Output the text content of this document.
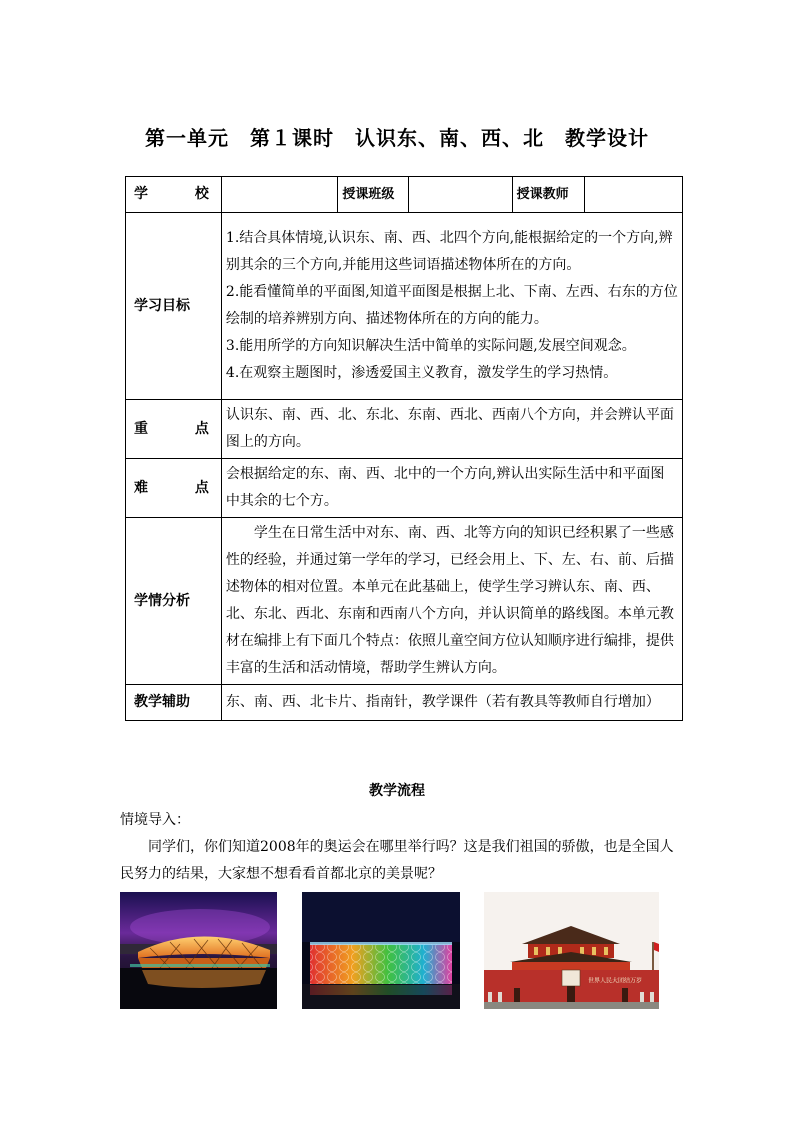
第一单元　第１课时　认识东、南、西、北　教学设计
学　　校		授课班级		授课教师	
学习目标	1.结合具体情境,认识东、南、西、北四个方向,能根据给定的一个方向,辨别其余的三个方向,并能用这些词语描述物体所在的方向。

2.能看懂简单的平面图,知道平面图是根据上北、下南、左西、右东的方位绘制的培养辨别方向、描述物体所在的方向的能力。

3.能用所学的方向知识解决生活中简单的实际问题,发展空间观念。

4.在观察主题图时，渗透爱国主义教育，激发学生的学习热情。				

重　　点	认识东、南、西、北、东北、东南、西北、西南八个方向，并会辨认平面图上的方向。				
难　　点	会根据给定的东、南、西、北中的一个方向,辨认出实际生活中和平面图中其余的七个方。				
学情分析	学生在日常生活中对东、南、西、北等方向的知识已经积累了一些感性的经验，并通过第一学年的学习，已经会用上、下、左、右、前、后描述物体的相对位置。本单元在此基础上，使学生学习辨认东、南、西、北、东北、西北、东南和西南八个方向，并认识简单的路线图。本单元教材在编排上有下面几个特点：依照儿童空间方位认知顺序进行编排，提供丰富的生活和活动情境，帮助学生辨认方向。				
教学辅助	东、南、西、北卡片、指南针，教学课件（若有教具等教师自行增加）				
教学流程
情境导入：

同学们，你们知道2008年的奥运会在哪里举行吗？这是我们祖国的骄傲，也是全国人民努力的结果，大家想不想看看首都北京的美景呢？

世界人民大团结万岁
